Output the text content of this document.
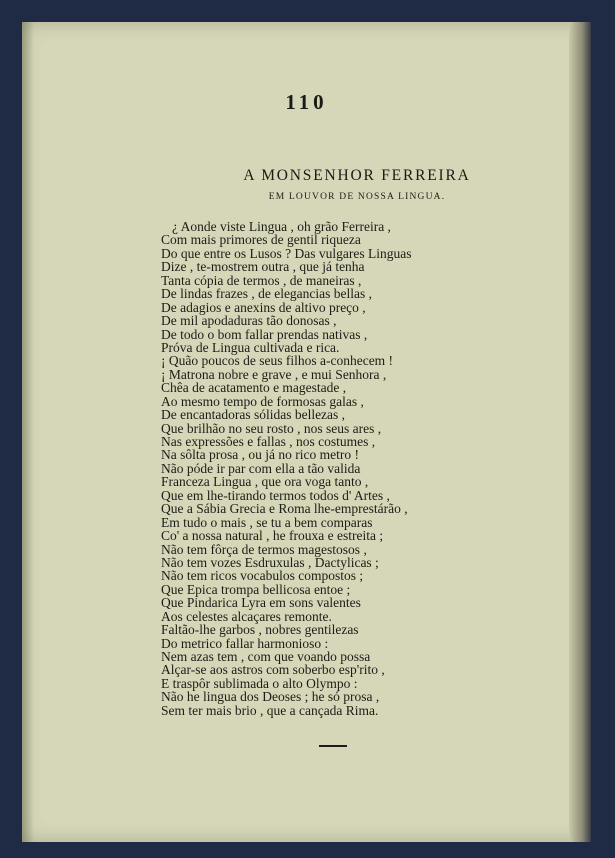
110
A MONSENHOR FERREIRA
EM LOUVOR DE NOSSA LINGUA.
¿ Aonde viste Lingua , oh grão Ferreira ,
Com mais primores de gentil riqueza
Do que entre os Lusos ? Das vulgares Linguas
Dize , te-mostrem outra , que já tenha
Tanta cópia de termos , de maneiras ,
De lindas frazes , de elegancias bellas ,
De adagios e anexins de altivo preço ,
De mil apodaduras tão donosas ,
De todo o bom fallar prendas nativas ,
Próva de Lingua cultivada e rica.
¡ Quão poucos de seus filhos a-conhecem !
¡ Matrona nobre e grave , e mui Senhora ,
Chêa de acatamento e magestade ,
Ao mesmo tempo de formosas galas ,
De encantadoras sólidas bellezas ,
Que brilhão no seu rosto , nos seus ares ,
Nas expressões e fallas , nos costumes ,
Na sôlta prosa , ou já no rico metro !
Não póde ir par com ella a tão valida
Franceza Lingua , que ora voga tanto ,
Que em lhe-tirando termos todos d' Artes ,
Que a Sábia Grecia e Roma lhe-emprestárão ,
Em tudo o mais , se tu a bem comparas
Co' a nossa natural , he frouxa e estreita ;
Não tem fôrça de termos magestosos ,
Não tem vozes Esdruxulas , Dactylicas ;
Não tem ricos vocabulos compostos ;
Que Epica trompa bellicosa entoe ;
Que Pindarica Lyra em sons valentes
Aos celestes alcaçares remonte.
Faltão-lhe garbos , nobres gentilezas
Do metrico fallar harmonioso :
Nem azas tem , com que voando possa
Alçar-se aos astros com soberbo esp'rito ,
E traspôr sublimada o alto Olympo :
Não he lingua dos Deoses ; he só prosa ,
Sem ter mais brio , que a cançada Rima.
